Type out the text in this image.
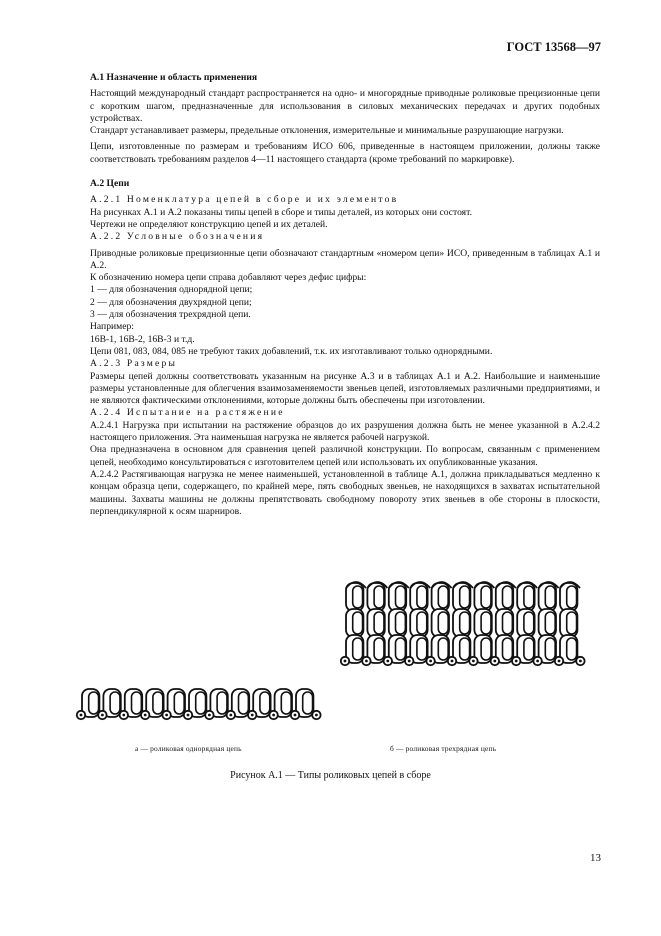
ГОСТ 13568—97
А.1 Назначение и область применения

Настоящий международный стандарт распространяется на одно- и многорядные приводные роликовые прецизионные цепи с коротким шагом, предназначенные для использования в силовых механических передачах и других подобных устройствах.

Стандарт устанавливает размеры, предельные отклонения, измерительные и минимальные разрушающие нагрузки.

Цепи, изготовленные по размерам и требованиям ИСО 606, приведенные в настоящем приложении, должны также соответствовать требованиям разделов 4—11 настоящего стандарта (кроме требований по маркировке).

А.2 Цепи

А.2.1 Номенклатура цепей в сборе и их элементов

На рисунках А.1 и А.2 показаны типы цепей в сборе и типы деталей, из которых они состоят.

Чертежи не определяют конструкцию цепей и их деталей.

А.2.2 Условные обозначения

Приводные роликовые прецизионные цепи обозначают стандартным «номером цепи» ИСО, приведенным в таблицах А.1 и А.2.

К обозначению номера цепи справа добавляют через дефис цифры:

1 — для обозначения однорядной цепи;

2 — для обозначения двухрядной цепи;

3 — для обозначения трехрядной цепи.

Например:

16В-1, 16В-2, 16В-3 и т.д.

Цепи 081, 083, 084, 085 не требуют таких добавлений, т.к. их изготавливают только однорядными.

А.2.3 Размеры

Размеры цепей должны соответствовать указанным на рисунке А.3 и в таблицах А.1 и А.2. Наибольшие и наименьшие размеры установленные для облегчения взаимозаменяемости звеньев цепей, изготовляемых различными предприятиями, и не являются фактическими отклонениями, которые должны быть обеспечены при изготовлении.

А.2.4 Испытание на растяжение

А.2.4.1 Нагрузка при испытании на растяжение образцов до их разрушения должна быть не менее указанной в А.2.4.2 настоящего приложения. Эта наименьшая нагрузка не является рабочей нагрузкой.

Она предназначена в основном для сравнения цепей различной конструкции. По вопросам, связанным с применением цепей, необходимо консультироваться с изготовителем цепей или использовать их опубликованные указания.

А.2.4.2 Растягивающая нагрузка не менее наименьшей, установленной в таблице А.1, должна прикладываться медленно к концам образца цепи, содержащего, по крайней мере, пять свободных звеньев, не находящихся в захватах испытательной машины. Захваты машины не должны препятствовать свободному повороту этих звеньев в обе стороны в плоскости, перпендикулярной к осям шарниров.

а — роликовая однорядная цепь	б — роликовая трехрядная цепь
Рисунок А.1 — Типы роликовых цепей в сборе
13
